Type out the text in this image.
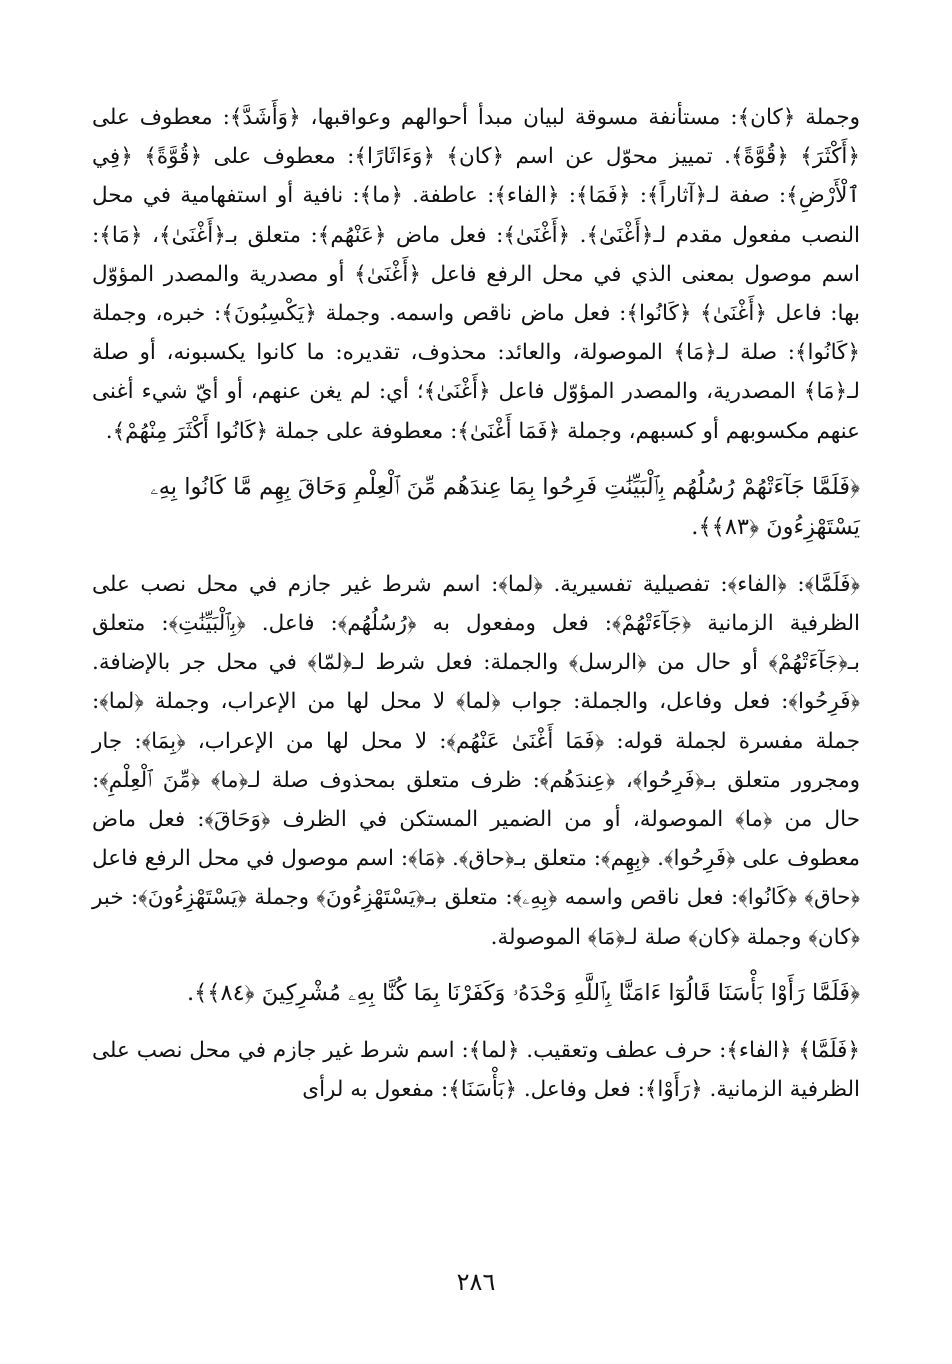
وجملة ﴿كان﴾: مستأنفة مسوقة لبيان مبدأ أحوالهم وعواقبها، ﴿وَأَشَدَّ﴾: معطوف على ﴿أَكْثَرَ﴾ ﴿قُوَّةً﴾. تمييز محوّل عن اسم ﴿كان﴾ ﴿وَءَاثَارًا﴾: معطوف على ﴿قُوَّةً﴾ ﴿فِي ٱلْأَرْضِ﴾: صفة لـ﴿آثاراً﴾: ﴿فَمَا﴾: ﴿الفاء﴾: عاطفة. ﴿ما﴾: نافية أو استفهامية في محل النصب مفعول مقدم لـ﴿أَغْنَىٰ﴾. ﴿أَغْنَىٰ﴾: فعل ماض ﴿عَنْهُم﴾: متعلق بـ﴿أَغْنَىٰ﴾، ﴿مَا﴾: اسم موصول بمعنى الذي في محل الرفع فاعل ﴿أَغْنَىٰ﴾ أو مصدرية والمصدر المؤوّل بها: فاعل ﴿أَغْنَىٰ﴾ ﴿كَانُوا﴾: فعل ماض ناقص واسمه. وجملة ﴿يَكْسِبُونَ﴾: خبره، وجملة ﴿كَانُوا﴾: صلة لـ﴿مَا﴾ الموصولة، والعائد: محذوف، تقديره: ما كانوا يكسبونه، أو صلة لـ﴿مَا﴾ المصدرية، والمصدر المؤوّل فاعل ﴿أَغْنَىٰ﴾؛ أي: لم يغن عنهم، أو أيّ شيء أغنى عنهم مكسوبهم أو كسبهم، وجملة ﴿فَمَا أَغْنَىٰ﴾: معطوفة على جملة ﴿كَانُوا أَكْثَرَ مِنْهُمْ﴾.

﴿فَلَمَّا جَآءَتْهُمْ رُسُلُهُم بِٱلْبَيِّنَٰتِ فَرِحُوا بِمَا عِندَهُم مِّنَ ٱلْعِلْمِ وَحَاقَ بِهِم مَّا كَانُوا بِهِۦ يَسْتَهْزِءُونَ ﴿٨٣﴾﴾.

﴿فَلَمَّا﴾: ﴿الفاء﴾: تفصيلية تفسيرية. ﴿لما﴾: اسم شرط غير جازم في محل نصب على الظرفية الزمانية ﴿جَآءَتْهُمْ﴾: فعل ومفعول به ﴿رُسُلُهُم﴾: فاعل. ﴿بِٱلْبَيِّنَٰتِ﴾: متعلق بـ﴿جَآءَتْهُمْ﴾ أو حال من ﴿الرسل﴾ والجملة: فعل شرط لـ﴿لمّا﴾ في محل جر بالإضافة. ﴿فَرِحُوا﴾: فعل وفاعل، والجملة: جواب ﴿لما﴾ لا محل لها من الإعراب، وجملة ﴿لما﴾: جملة مفسرة لجملة قوله: ﴿فَمَا أَغْنَىٰ عَنْهُم﴾: لا محل لها من الإعراب، ﴿بِمَا﴾: جار ومجرور متعلق بـ﴿فَرِحُوا﴾، ﴿عِندَهُم﴾: ظرف متعلق بمحذوف صلة لـ﴿ما﴾ ﴿مِّنَ ٱلْعِلْمِ﴾: حال من ﴿ما﴾ الموصولة، أو من الضمير المستكن في الظرف ﴿وَحَاقَ﴾: فعل ماض معطوف على ﴿فَرِحُوا﴾. ﴿بِهِم﴾: متعلق بـ﴿حاق﴾. ﴿مَا﴾: اسم موصول في محل الرفع فاعل ﴿حاق﴾ ﴿كَانُوا﴾: فعل ناقص واسمه ﴿بِهِۦ﴾: متعلق بـ﴿يَسْتَهْزِءُونَ﴾ وجملة ﴿يَسْتَهْزِءُونَ﴾: خبر ﴿كان﴾ وجملة ﴿كان﴾ صلة لـ﴿مَا﴾ الموصولة.

﴿فَلَمَّا رَأَوْا بَأْسَنَا قَالُوٓا ءَامَنَّا بِٱللَّهِ وَحْدَهُۥ وَكَفَرْنَا بِمَا كُنَّا بِهِۦ مُشْرِكِينَ ﴿٨٤﴾﴾.

﴿فَلَمَّا﴾ ﴿الفاء﴾: حرف عطف وتعقيب. ﴿لما﴾: اسم شرط غير جازم في محل نصب على الظرفية الزمانية. ﴿رَأَوْا﴾: فعل وفاعل. ﴿بَأْسَنَا﴾: مفعول به لرأى

٢٨٦
